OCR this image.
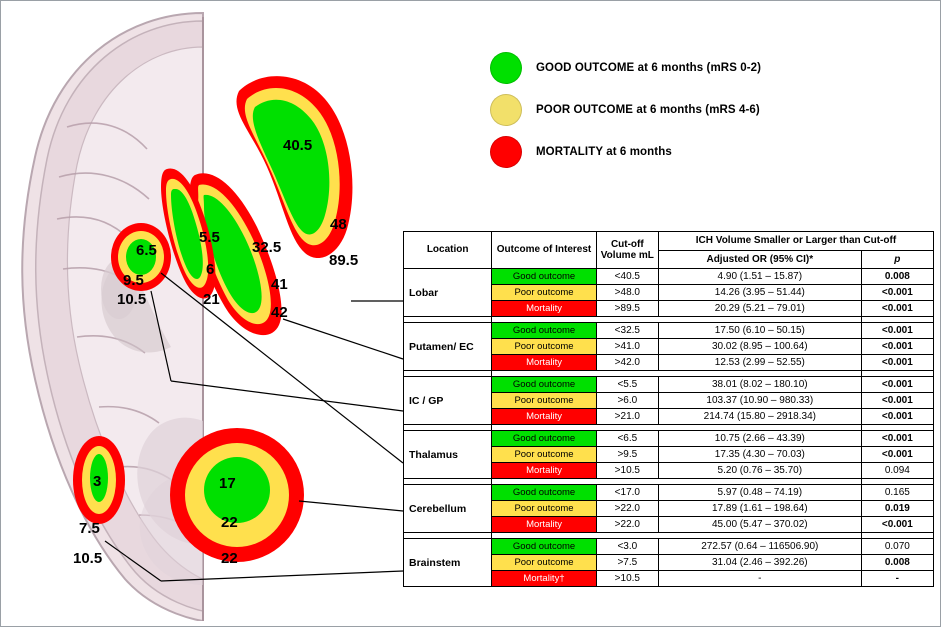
40.5
48
89.5
32.5
41
42
5.5
6
21
6.5
9.5
10.5
3
7.5
10.5
17
22
22
GOOD OUTCOME at 6 months (mRS 0-2)
POOR OUTCOME at 6 months (mRS 4-6)
MORTALITY at 6 months
Location	Outcome of Interest	Cut-off Volume mL	ICH Volume Smaller or Larger than Cut-off	
			Adjusted OR (95% CI)*	p
Lobar	Good outcome	<40.5	4.90 (1.51 – 15.87)	0.008

	Poor outcome	>48.0	14.26 (3.95 – 51.44)	<0.001

	Mortality	>89.5	20.29 (5.21 – 79.01)	<0.001

Putamen/ EC	Good outcome	<32.5	17.50 (6.10 – 50.15)	<0.001

	Poor outcome	>41.0	30.02 (8.95 – 100.64)	<0.001

	Mortality	>42.0	12.53 (2.99 – 52.55)	<0.001

IC / GP	Good outcome	<5.5	38.01 (8.02 – 180.10)	<0.001

	Poor outcome	>6.0	103.37 (10.90 – 980.33)	<0.001

	Mortality	>21.0	214.74 (15.80 – 2918.34)	<0.001

Thalamus	Good outcome	<6.5	10.75 (2.66 – 43.39)	<0.001

	Poor outcome	>9.5	17.35 (4.30 – 70.03)	<0.001

	Mortality	>10.5	5.20 (0.76 – 35.70)	0.094

Cerebellum	Good outcome	<17.0	5.97 (0.48 – 74.19)	0.165

	Poor outcome	>22.0	17.89 (1.61 – 198.64)	0.019

	Mortality	>22.0	45.00 (5.47 – 370.02)	<0.001

Brainstem	Good outcome	<3.0	272.57 (0.64 – 116506.90)	0.070

	Poor outcome	>7.5	31.04 (2.46 – 392.26)	0.008

	Mortality†	>10.5	-	-
